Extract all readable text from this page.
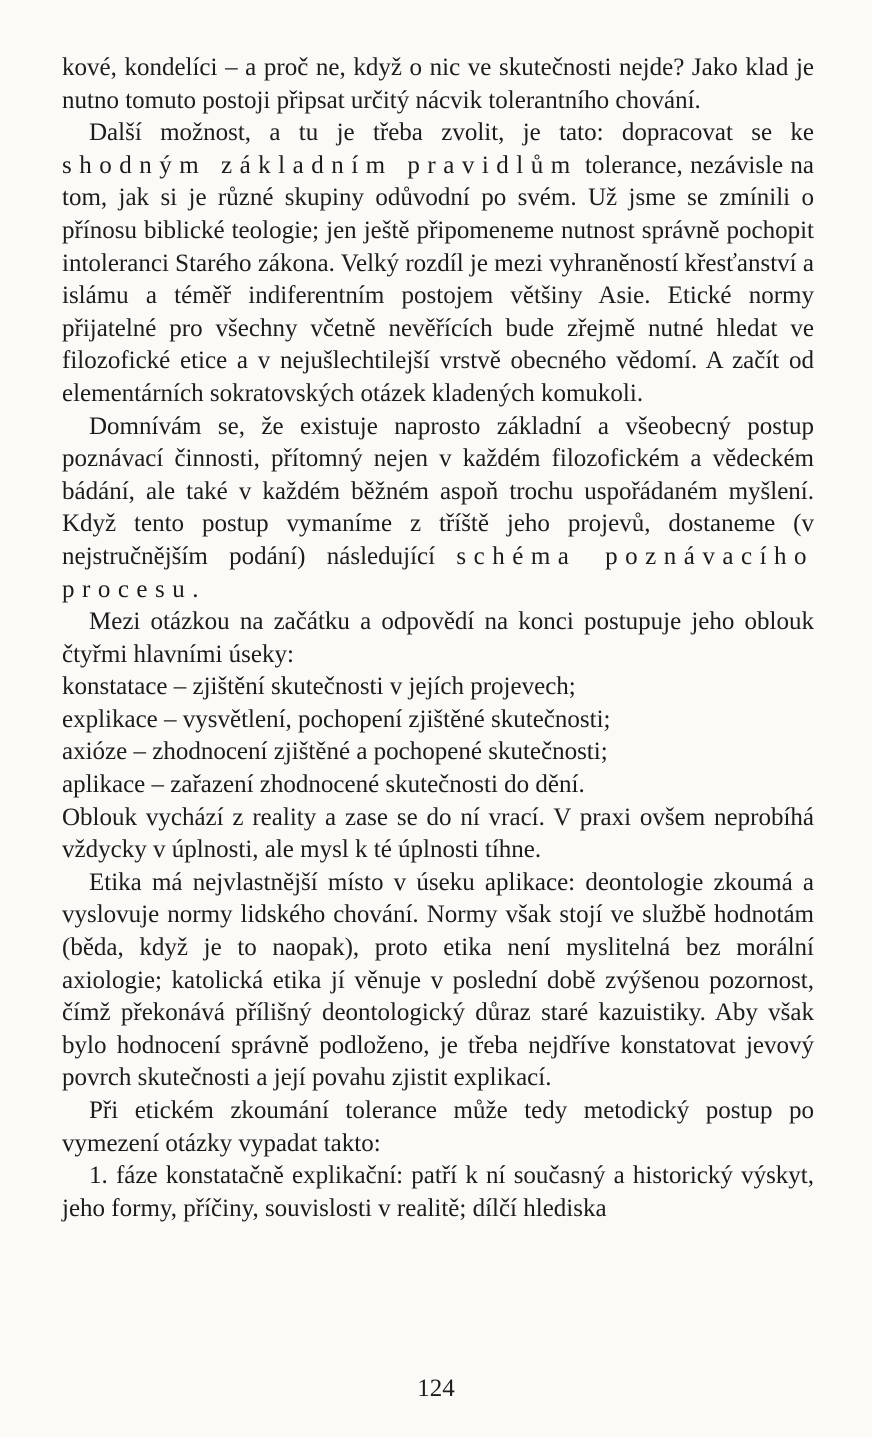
kové, kondelíci – a proč ne, když o nic ve skutečnosti nejde? Jako klad je nutno tomuto postoji připsat určitý nácvik tolerantního chování.

Další možnost, a tu je třeba zvolit, je tato: dopracovat se ke shodným základním pravidlům tolerance, nezávisle na tom, jak si je různé skupiny odůvodní po svém. Už jsme se zmínili o přínosu biblické teologie; jen ještě připomeneme nutnost správně pochopit intoleranci Starého zákona. Velký rozdíl je mezi vyhraněností křesťanství a islámu a téměř indiferentním postojem většiny Asie. Etické normy přijatelné pro všechny včetně nevěřících bude zřejmě nutné hledat ve filozofické etice a v nejušlechtilejší vrstvě obecného vědomí. A začít od elementárních sokratovských otázek kladených komukoli.

Domnívám se, že existuje naprosto základní a všeobecný postup poznávací činnosti, přítomný nejen v každém filozofickém a vědeckém bádání, ale také v každém běžném aspoň trochu uspořádaném myšlení. Když tento postup vymaníme z tříště jeho projevů, dostaneme (v nejstručnějším podání) následující schéma poznávacího procesu.

Mezi otázkou na začátku a odpovědí na konci postupuje jeho oblouk čtyřmi hlavními úseky:

konstatace – zjištění skutečnosti v jejích projevech;
explikace – vysvětlení, pochopení zjištěné skutečnosti;
axióze – zhodnocení zjištěné a pochopené skutečnosti;
aplikace – zařazení zhodnocené skutečnosti do dění.

Oblouk vychází z reality a zase se do ní vrací. V praxi ovšem neprobíhá vždycky v úplnosti, ale mysl k té úplnosti tíhne.

Etika má nejvlastnější místo v úseku aplikace: deontologie zkoumá a vyslovuje normy lidského chování. Normy však stojí ve službě hodnotám (běda, když je to naopak), proto etika není myslitelná bez morální axiologie; katolická etika jí věnuje v poslední době zvýšenou pozornost, čímž překonává přílišný deontologický důraz staré kazuistiky. Aby však bylo hodnocení správně podloženo, je třeba nejdříve konstatovat jevový povrch skutečnosti a její povahu zjistit explikací.

Při etickém zkoumání tolerance může tedy metodický postup po vymezení otázky vypadat takto:

1. fáze konstatačně explikační: patří k ní současný a historický výskyt, jeho formy, příčiny, souvislosti v realitě; dílčí hlediska

124
